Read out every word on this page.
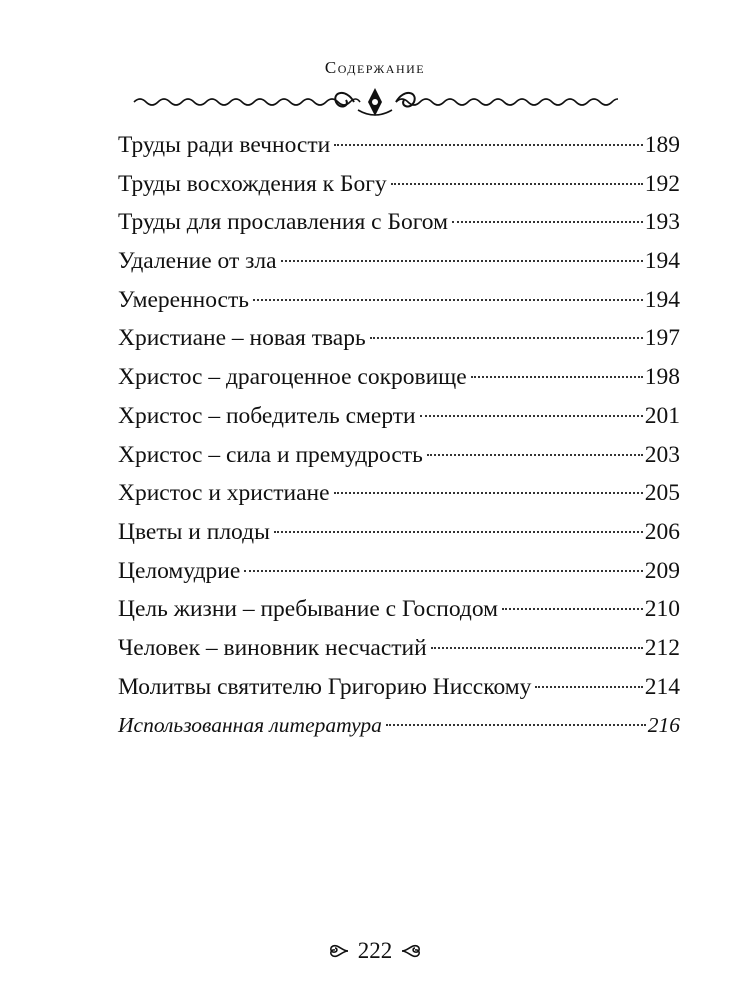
Содержание
Труды ради вечности	189
Труды восхождения к Богу	192
Труды для прославления с Богом	193
Удаление от зла	194
Умеренность	194
Христиане – новая тварь	197
Христос – драгоценное сокровище	198
Христос – победитель смерти	201
Христос – сила и премудрость	203
Христос и христиане	205
Цветы и плоды	206
Целомудрие	209
Цель жизни – пребывание с Господом	210
Человек – виновник несчастий	212
Молитвы святителю Григорию Нисскому	214
Использованная литература	216
222
